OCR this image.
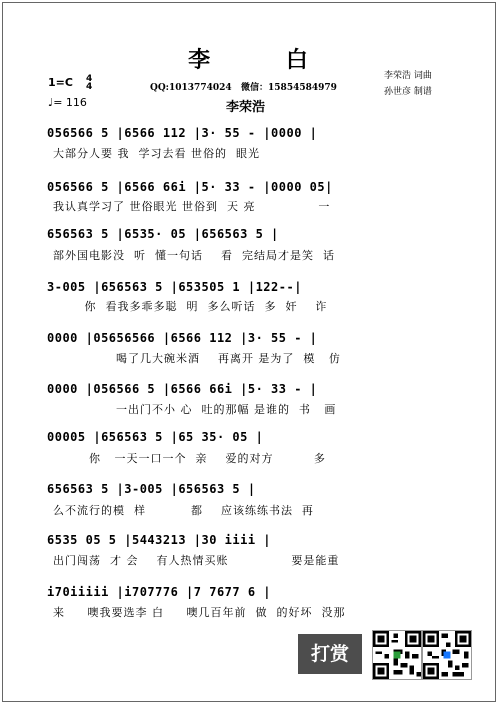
李 白
1=C 4
4
♩= 116
QQ:1013774024 微信：15854584979
李荣浩
李荣浩 词曲
孙世彦 制谱
056566 5 |6566 112 |3· 55 - |0000 |
大部分人要 我  学习去看 世俗的  眼光
056566 5 |6566 66i |5· 33 - |0000 05|
我认真学习了 世俗眼光 世俗到  天 亮              一
656563 5 |6535· 05 |656563 5 |
部外国电影没  听  懂一句话    看  完结局才是笑  话
3-005 |656563 5 |653505 1 |122--|
你  看我多乖多聪  明  多么听话  多  奸    诈
0000 |05656566 |6566 112 |3· 55 - |
喝了几大碗米酒    再离开 是为了  模   仿
0000 |056566 5 |6566 66i |5· 33 - |
一出门不小 心  吐的那幅 是谁的  书   画
00005 |656563 5 |65 35· 05 |
你   一天一口一个  亲    爱的对方         多
656563 5 |3-005 |656563 5 |
么不流行的模  样          都    应该练练书法  再
6535 05 5 |5443213 |30 iiii |
出门闯荡  才 会    有人热情买账              要是能重
i70iiiii |i707776 |7 7677 6 |
来     噢我要选李 白     噢几百年前  做  的好坏  没那
打赏
